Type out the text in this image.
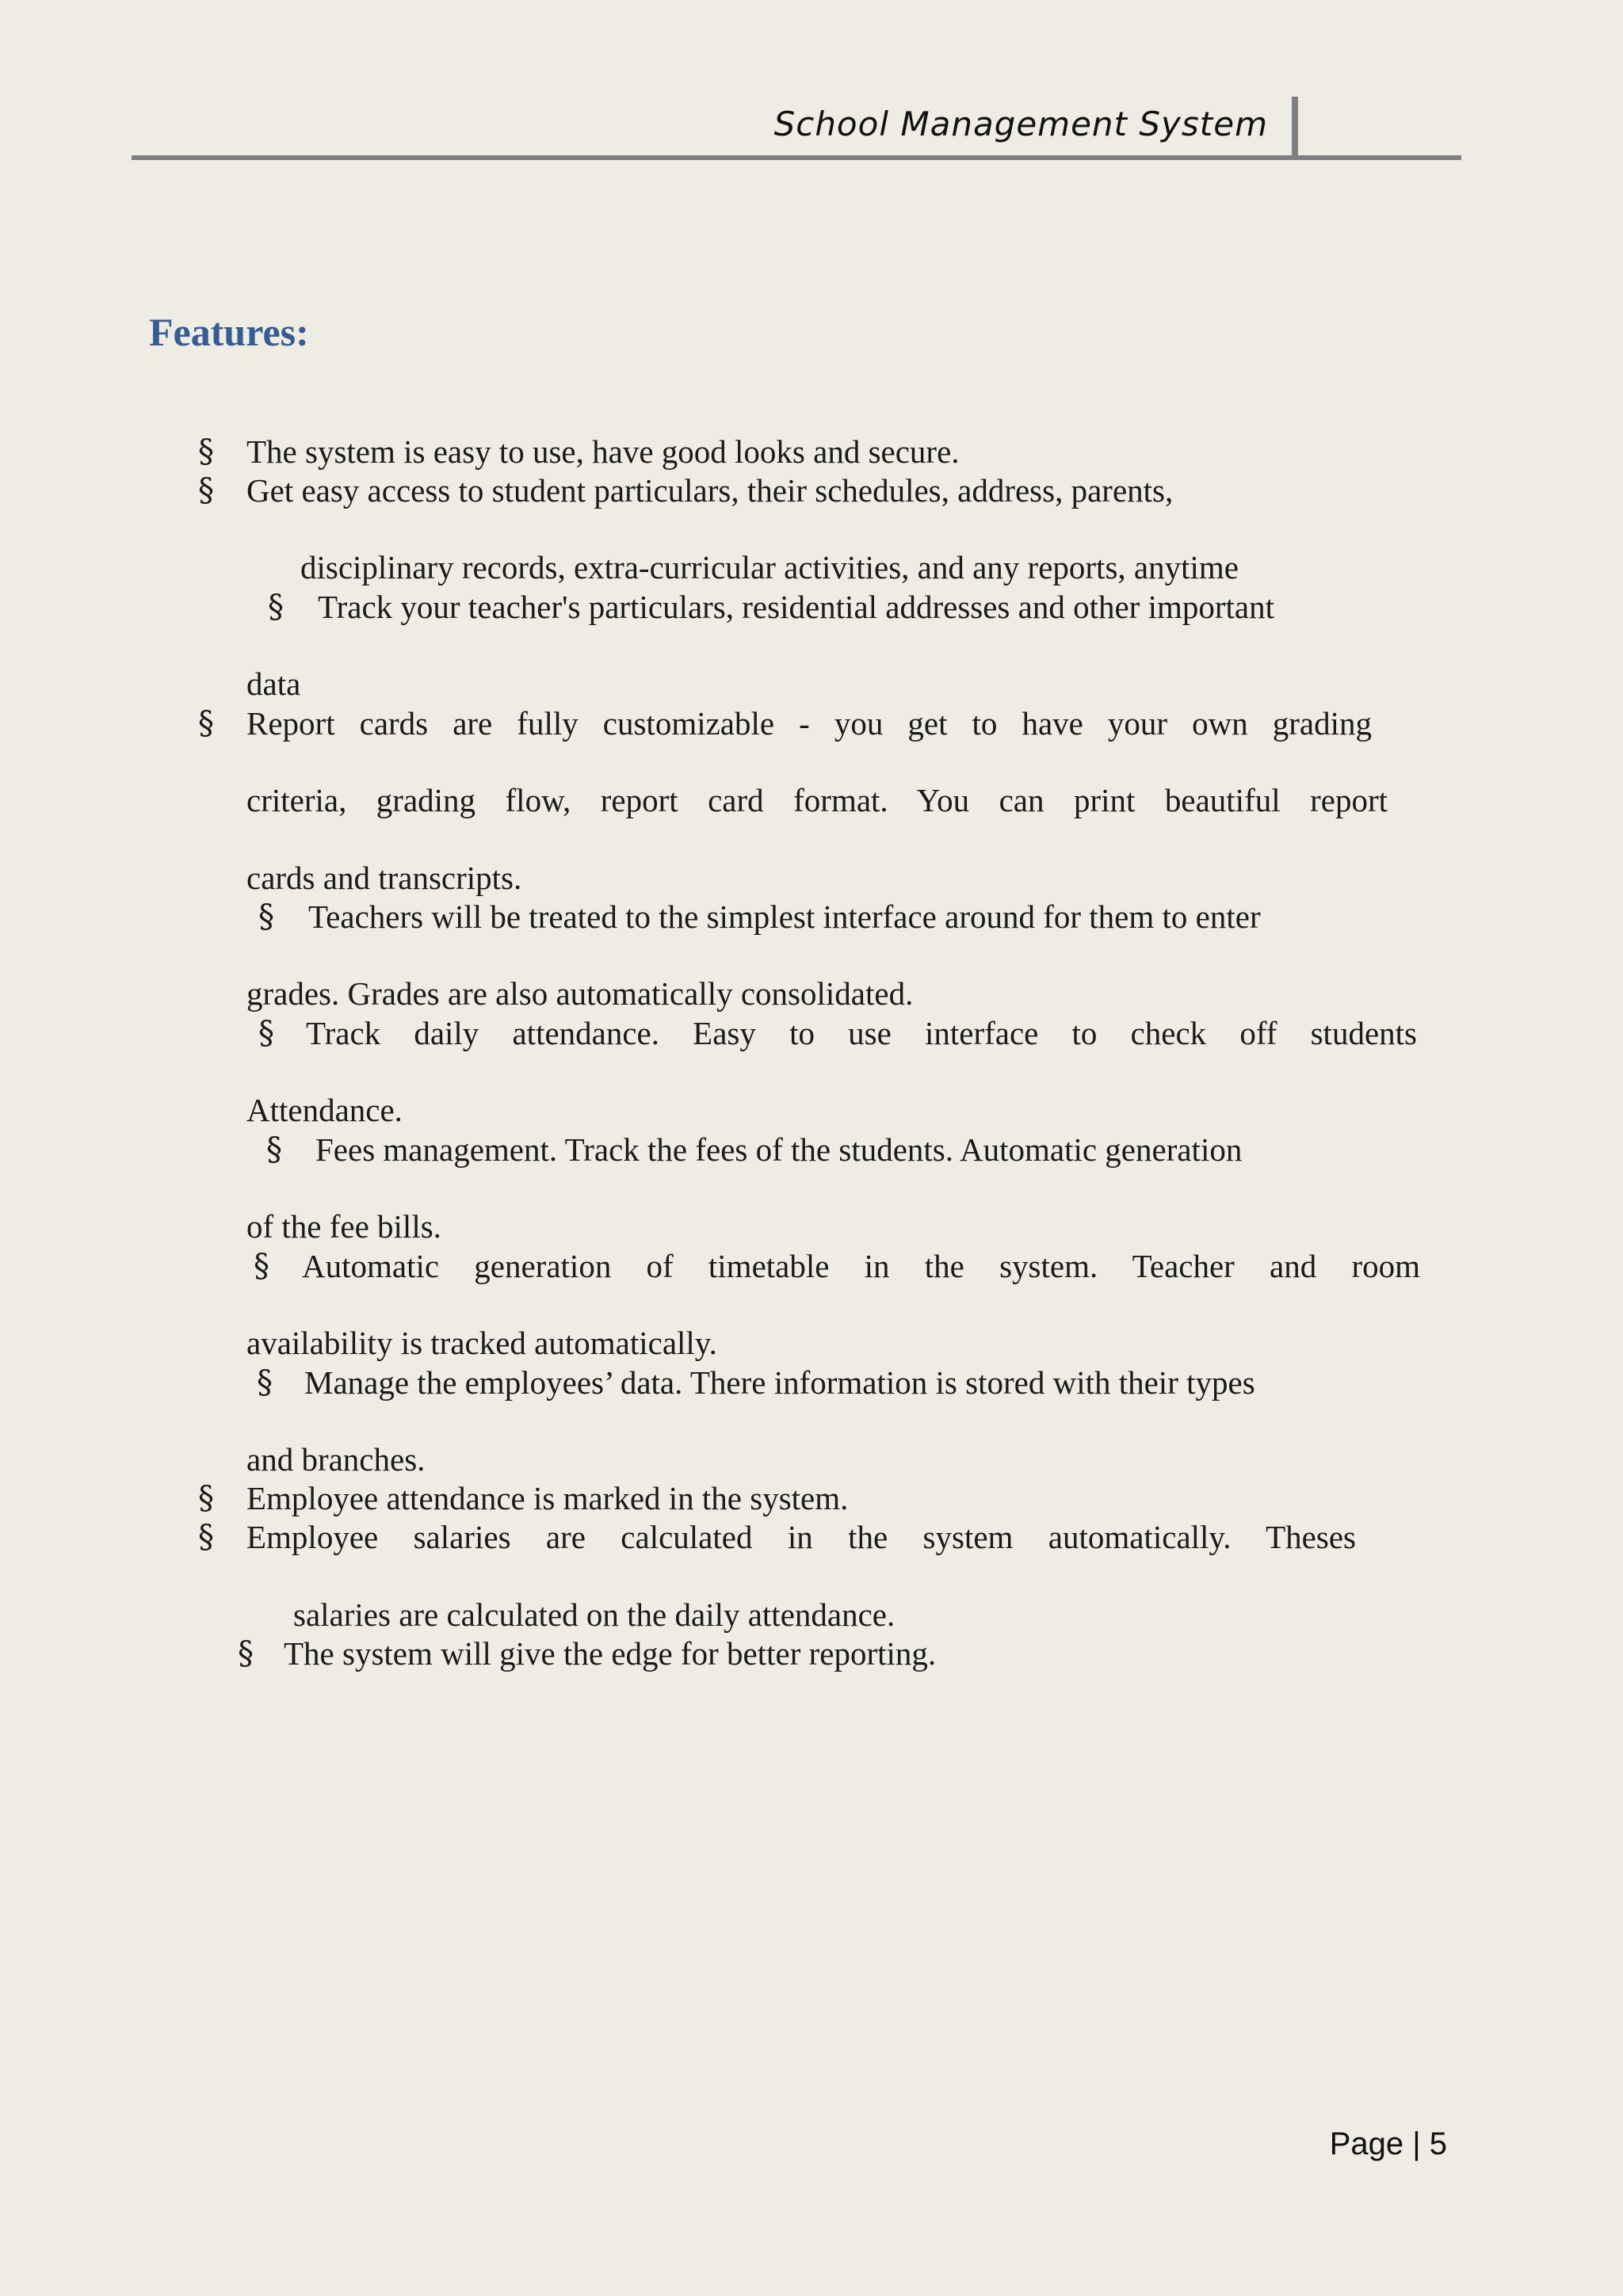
School Management System
Features:
§ The system is easy to use, have good looks and secure.
§ Get easy access to student particulars, their schedules, address, parents,
disciplinary records, extra-curricular activities, and any reports, anytime
§ Track your teacher's particulars, residential addresses and other important
data
§ Report cards are fully customizable - you get to have your own grading
criteria, grading flow, report card format. You can print beautiful report
cards and transcripts.
§ Teachers will be treated to the simplest interface around for them to enter
grades. Grades are also automatically consolidated.
§ Track daily attendance. Easy to use interface to check off students
Attendance.
§ Fees management. Track the fees of the students. Automatic generation
of the fee bills.
§ Automatic generation of timetable in the system. Teacher and room
availability is tracked automatically.
§ Manage the employees’ data. There information is stored with their types
and branches.
§ Employee attendance is marked in the system.
§ Employee salaries are calculated in the system automatically. Theses
salaries are calculated on the daily attendance.
§ The system will give the edge for better reporting.
Page | 5
